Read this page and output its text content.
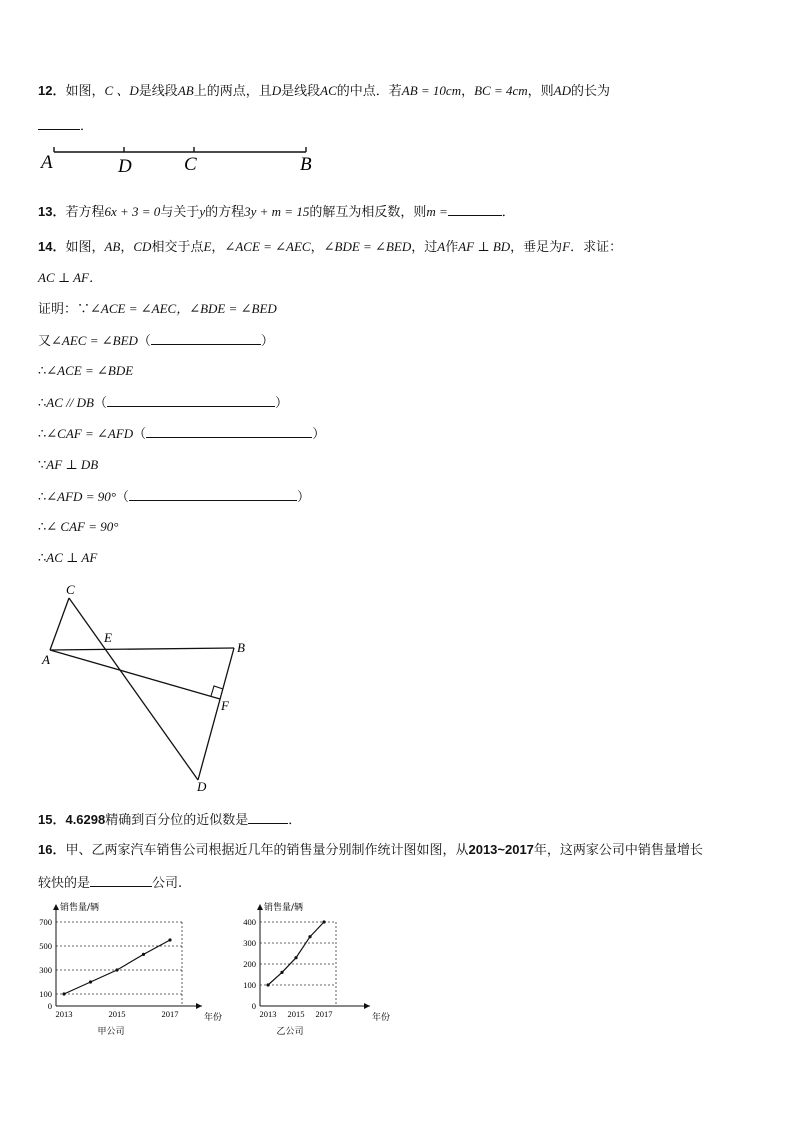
12．如图，C 、D是线段AB上的两点，且D是线段AC的中点．若AB = 10cm，BC = 4cm，则AD的长为
．
A	D	C	B
13．若方程6x + 3 = 0与关于y的方程3y + m = 15的解互为相反数，则m =	．
14．如图，AB，CD相交于点E，∠ACE = ∠AEC，∠BDE = ∠BED，过A作AF ⊥ BD，垂足为F．求证：
AC ⊥ AF．
证明：∵∠ACE = ∠AEC，∠BDE = ∠BED
又∠AEC = ∠BED（	）
∴∠ACE = ∠BDE
∴AC // DB（	）
∴∠CAF = ∠AFD（	）
∵AF ⊥ DB
∴∠AFD = 90°（	）
∴∠ CAF = 90°
∴AC ⊥ AF
C
E
A
B
F
D
15．4.6298精确到百分位的近似数是	．
16．甲、乙两家汽车销售公司根据近几年的销售量分别制作统计图如图，从2013~2017年，这两家公司中销售量增长
较快的是	公司.
0
100
300
500
700
2013	2015	2017
销售量/辆
年份
甲公司
0
100
200
300
400
2013 2015 2017
销售量/辆
年份
乙公司
